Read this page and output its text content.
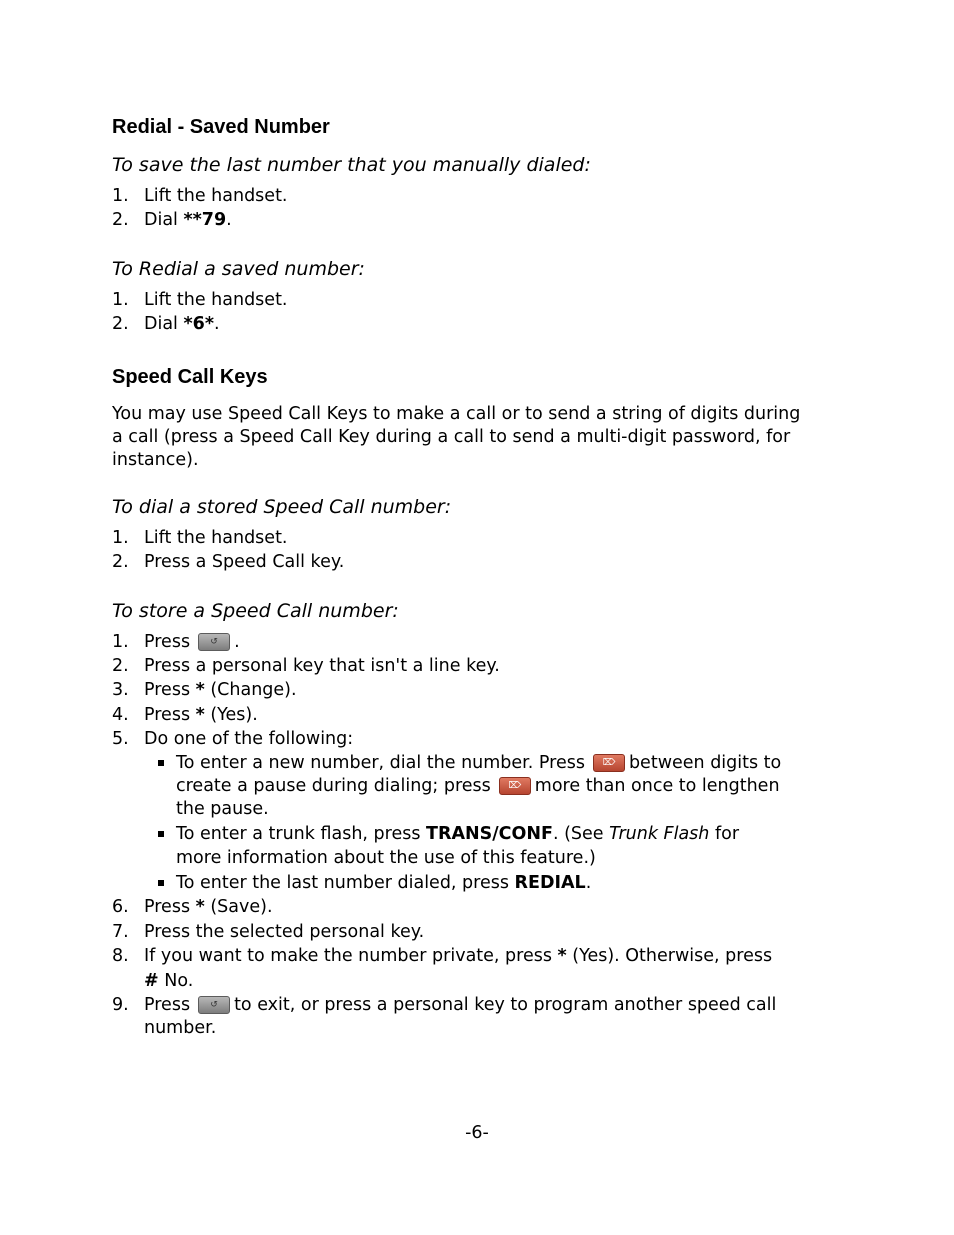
Redial - Saved Number

To save the last number that you manually dialed:

1. Lift the handset.
2. Dial **79.

To Redial a saved number:

1. Lift the handset.
2. Dial *6*.
Speed Call Keys

You may use Speed Call Keys to make a call or to send a string of digits during a call (press a Speed Call Key during a call to send a multi-digit password, for instance).

To dial a stored Speed Call number:

1. Lift the handset.
2. Press a Speed Call key.

To store a Speed Call number:

1. Press ↺ .
2. Press a personal key that isn't a line key.
3. Press * (Change).
4. Press * (Yes).
5. Do one of the following:
To enter a new number, dial the number. Press ⌦ between digits to
create a pause during dialing; press ⌦ more than once to lengthen
the pause.
To enter a trunk flash, press TRANS/CONF. (See Trunk Flash for
more information about the use of this feature.)
To enter the last number dialed, press REDIAL.
6. Press * (Save).
7. Press the selected personal key.
8. If you want to make the number private, press * (Yes). Otherwise, press
# No.
9. Press ↺ to exit, or press a personal key to program another speed call
number.
-6-
